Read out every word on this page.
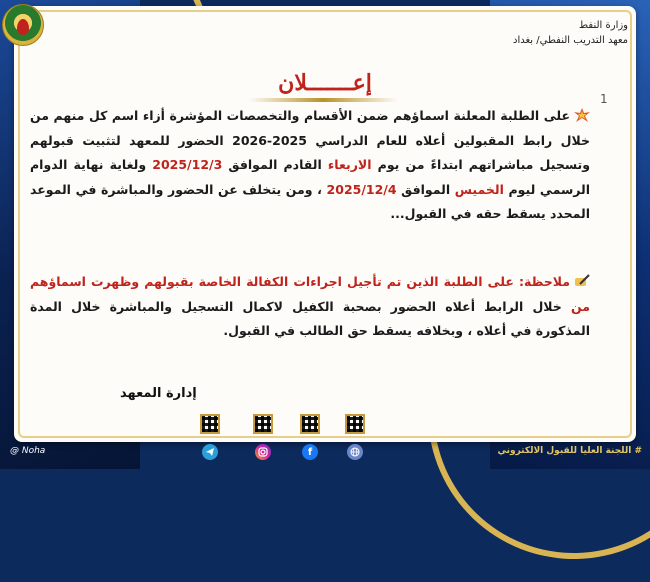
وزارة النفط
معهد التدريب النفطي/ بغداد
إعـــــــلان
1
على الطلبة المعلنة اسماؤهم ضمن الأقسام والتخصصات المؤشرة أزاء اسم كل منهم من خلال رابط المقبولين أعلاه للعام الدراسي 2025-2026 الحضور للمعهد لتثبيت قبولهم وتسجيل مباشراتهم ابتداءً من يوم الاربعاء القادم الموافق 2025/12/3 ولغاية نهاية الدوام الرسمي ليوم الخميس الموافق 2025/12/4 ، ومن يتخلف عن الحضور والمباشرة في الموعد المحدد يسقط حقه في القبول...
ملاحظة: على الطلبة الذين تم تأجيل اجراءات الكفالة الخاصة بقبولهم وظهرت اسماؤهم من خلال الرابط أعلاه الحضور بصحبة الكفيل لاكمال التسجيل والمباشرة خلال المدة المذكورة في أعلاه ، وبخلافه يسقط حق الطالب في القبول.
إدارة المعهد
f
@ Noha	# اللجنة العليا للقبول الالكتروني
